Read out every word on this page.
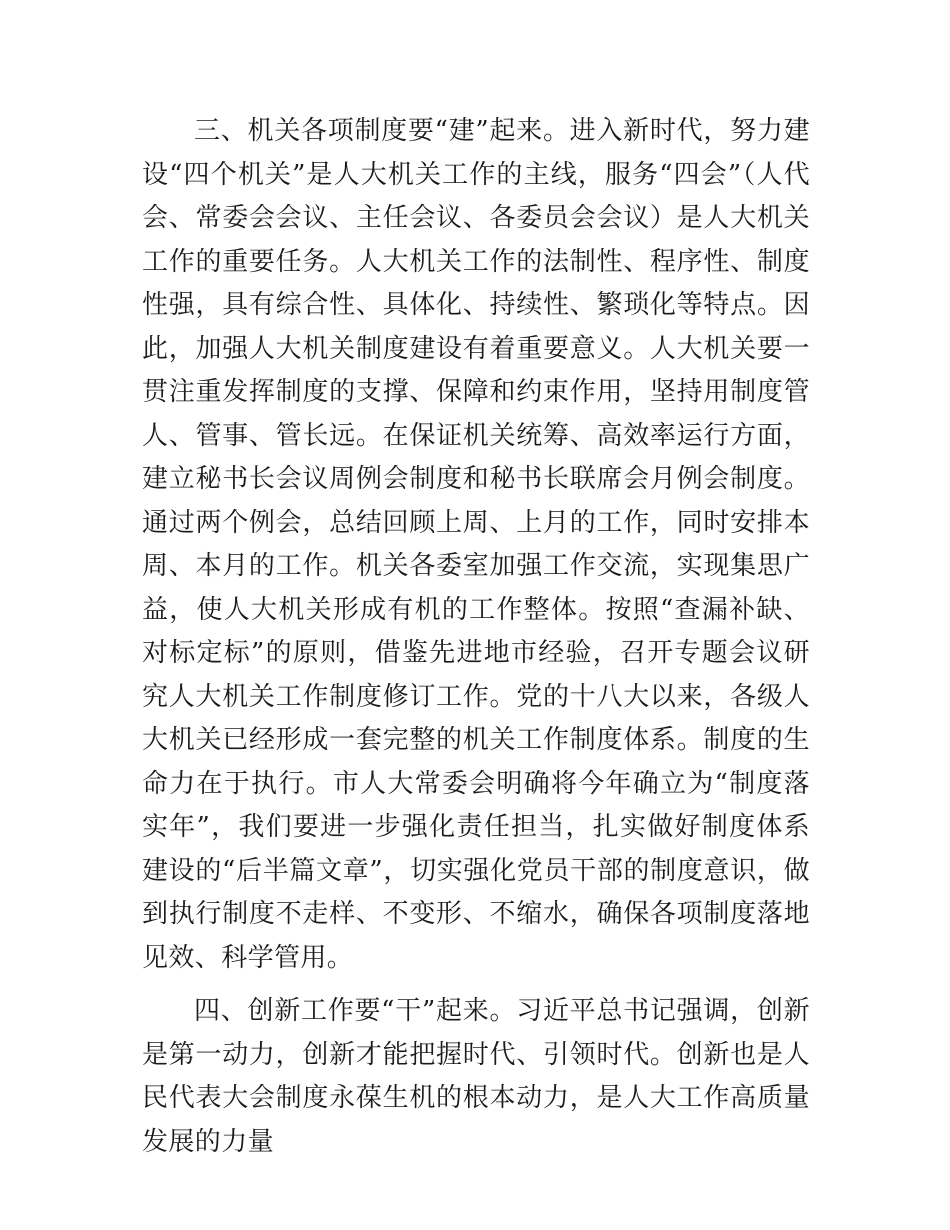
三、机关各项制度要“建”起来。进入新时代，努力建设“四个机关”是人大机关工作的主线，服务“四会”（人代会、常委会会议、主任会议、各委员会会议）是人大机关工作的重要任务。人大机关工作的法制性、程序性、制度性强，具有综合性、具体化、持续性、繁琐化等特点。因此，加强人大机关制度建设有着重要意义。人大机关要一贯注重发挥制度的支撑、保障和约束作用，坚持用制度管人、管事、管长远。在保证机关统筹、高效率运行方面，建立秘书长会议周例会制度和秘书长联席会月例会制度。通过两个例会，总结回顾上周、上月的工作，同时安排本周、本月的工作。机关各委室加强工作交流，实现集思广益，使人大机关形成有机的工作整体。按照“查漏补缺、对标定标”的原则，借鉴先进地市经验，召开专题会议研究人大机关工作制度修订工作。党的十八大以来，各级人大机关已经形成一套完整的机关工作制度体系。制度的生命力在于执行。市人大常委会明确将今年确立为“制度落实年”，我们要进一步强化责任担当，扎实做好制度体系建设的“后半篇文章”，切实强化党员干部的制度意识，做到执行制度不走样、不变形、不缩水，确保各项制度落地见效、科学管用。

四、创新工作要“干”起来。习近平总书记强调，创新是第一动力，创新才能把握时代、引领时代。创新也是人民代表大会制度永葆生机的根本动力，是人大工作高质量发展的力量
